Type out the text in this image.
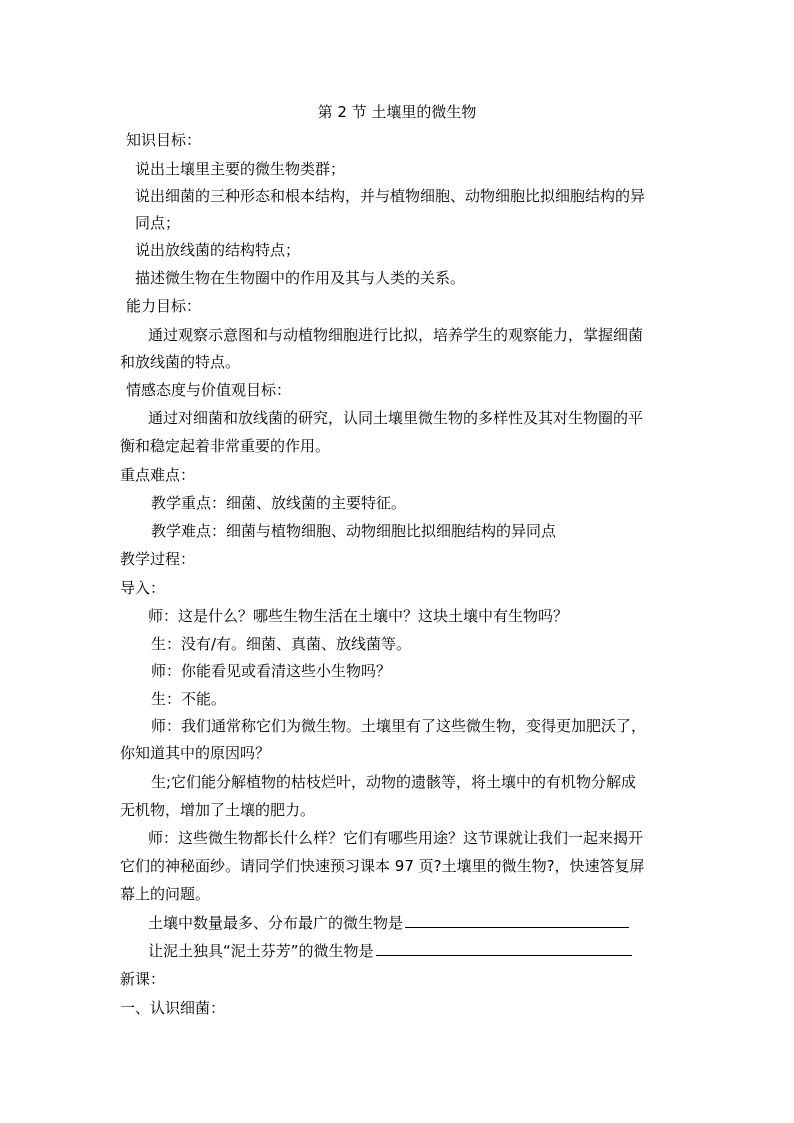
第 2 节 土壤里的微生物
知识目标：
说出土壤里主要的微生物类群；
说出细菌的三种形态和根本结构，并与植物细胞、动物细胞比拟细胞结构的异
同点；
说出放线菌的结构特点；
描述微生物在生物圈中的作用及其与人类的关系。
能力目标：
通过观察示意图和与动植物细胞进行比拟，培养学生的观察能力，掌握细菌
和放线菌的特点。
情感态度与价值观目标：
通过对细菌和放线菌的研究，认同土壤里微生物的多样性及其对生物圈的平
衡和稳定起着非常重要的作用。
重点难点：
教学重点：细菌、放线菌的主要特征。
教学难点：细菌与植物细胞、动物细胞比拟细胞结构的异同点
教学过程：
导入：
师：这是什么？哪些生物生活在土壤中？这块土壤中有生物吗？
生：没有/有。细菌、真菌、放线菌等。
师：你能看见或看清这些小生物吗？
生：不能。
师：我们通常称它们为微生物。土壤里有了这些微生物，变得更加肥沃了，
你知道其中的原因吗？
生;它们能分解植物的枯枝烂叶，动物的遗骸等，将土壤中的有机物分解成
无机物，增加了土壤的肥力。
师：这些微生物都长什么样？它们有哪些用途？这节课就让我们一起来揭开
它们的神秘面纱。请同学们快速预习课本 97 页?土壤里的微生物?，快速答复屏
幕上的问题。
土壤中数量最多、分布最广的微生物是
让泥土独具“泥土芬芳”的微生物是
新课：
一、认识细菌：
